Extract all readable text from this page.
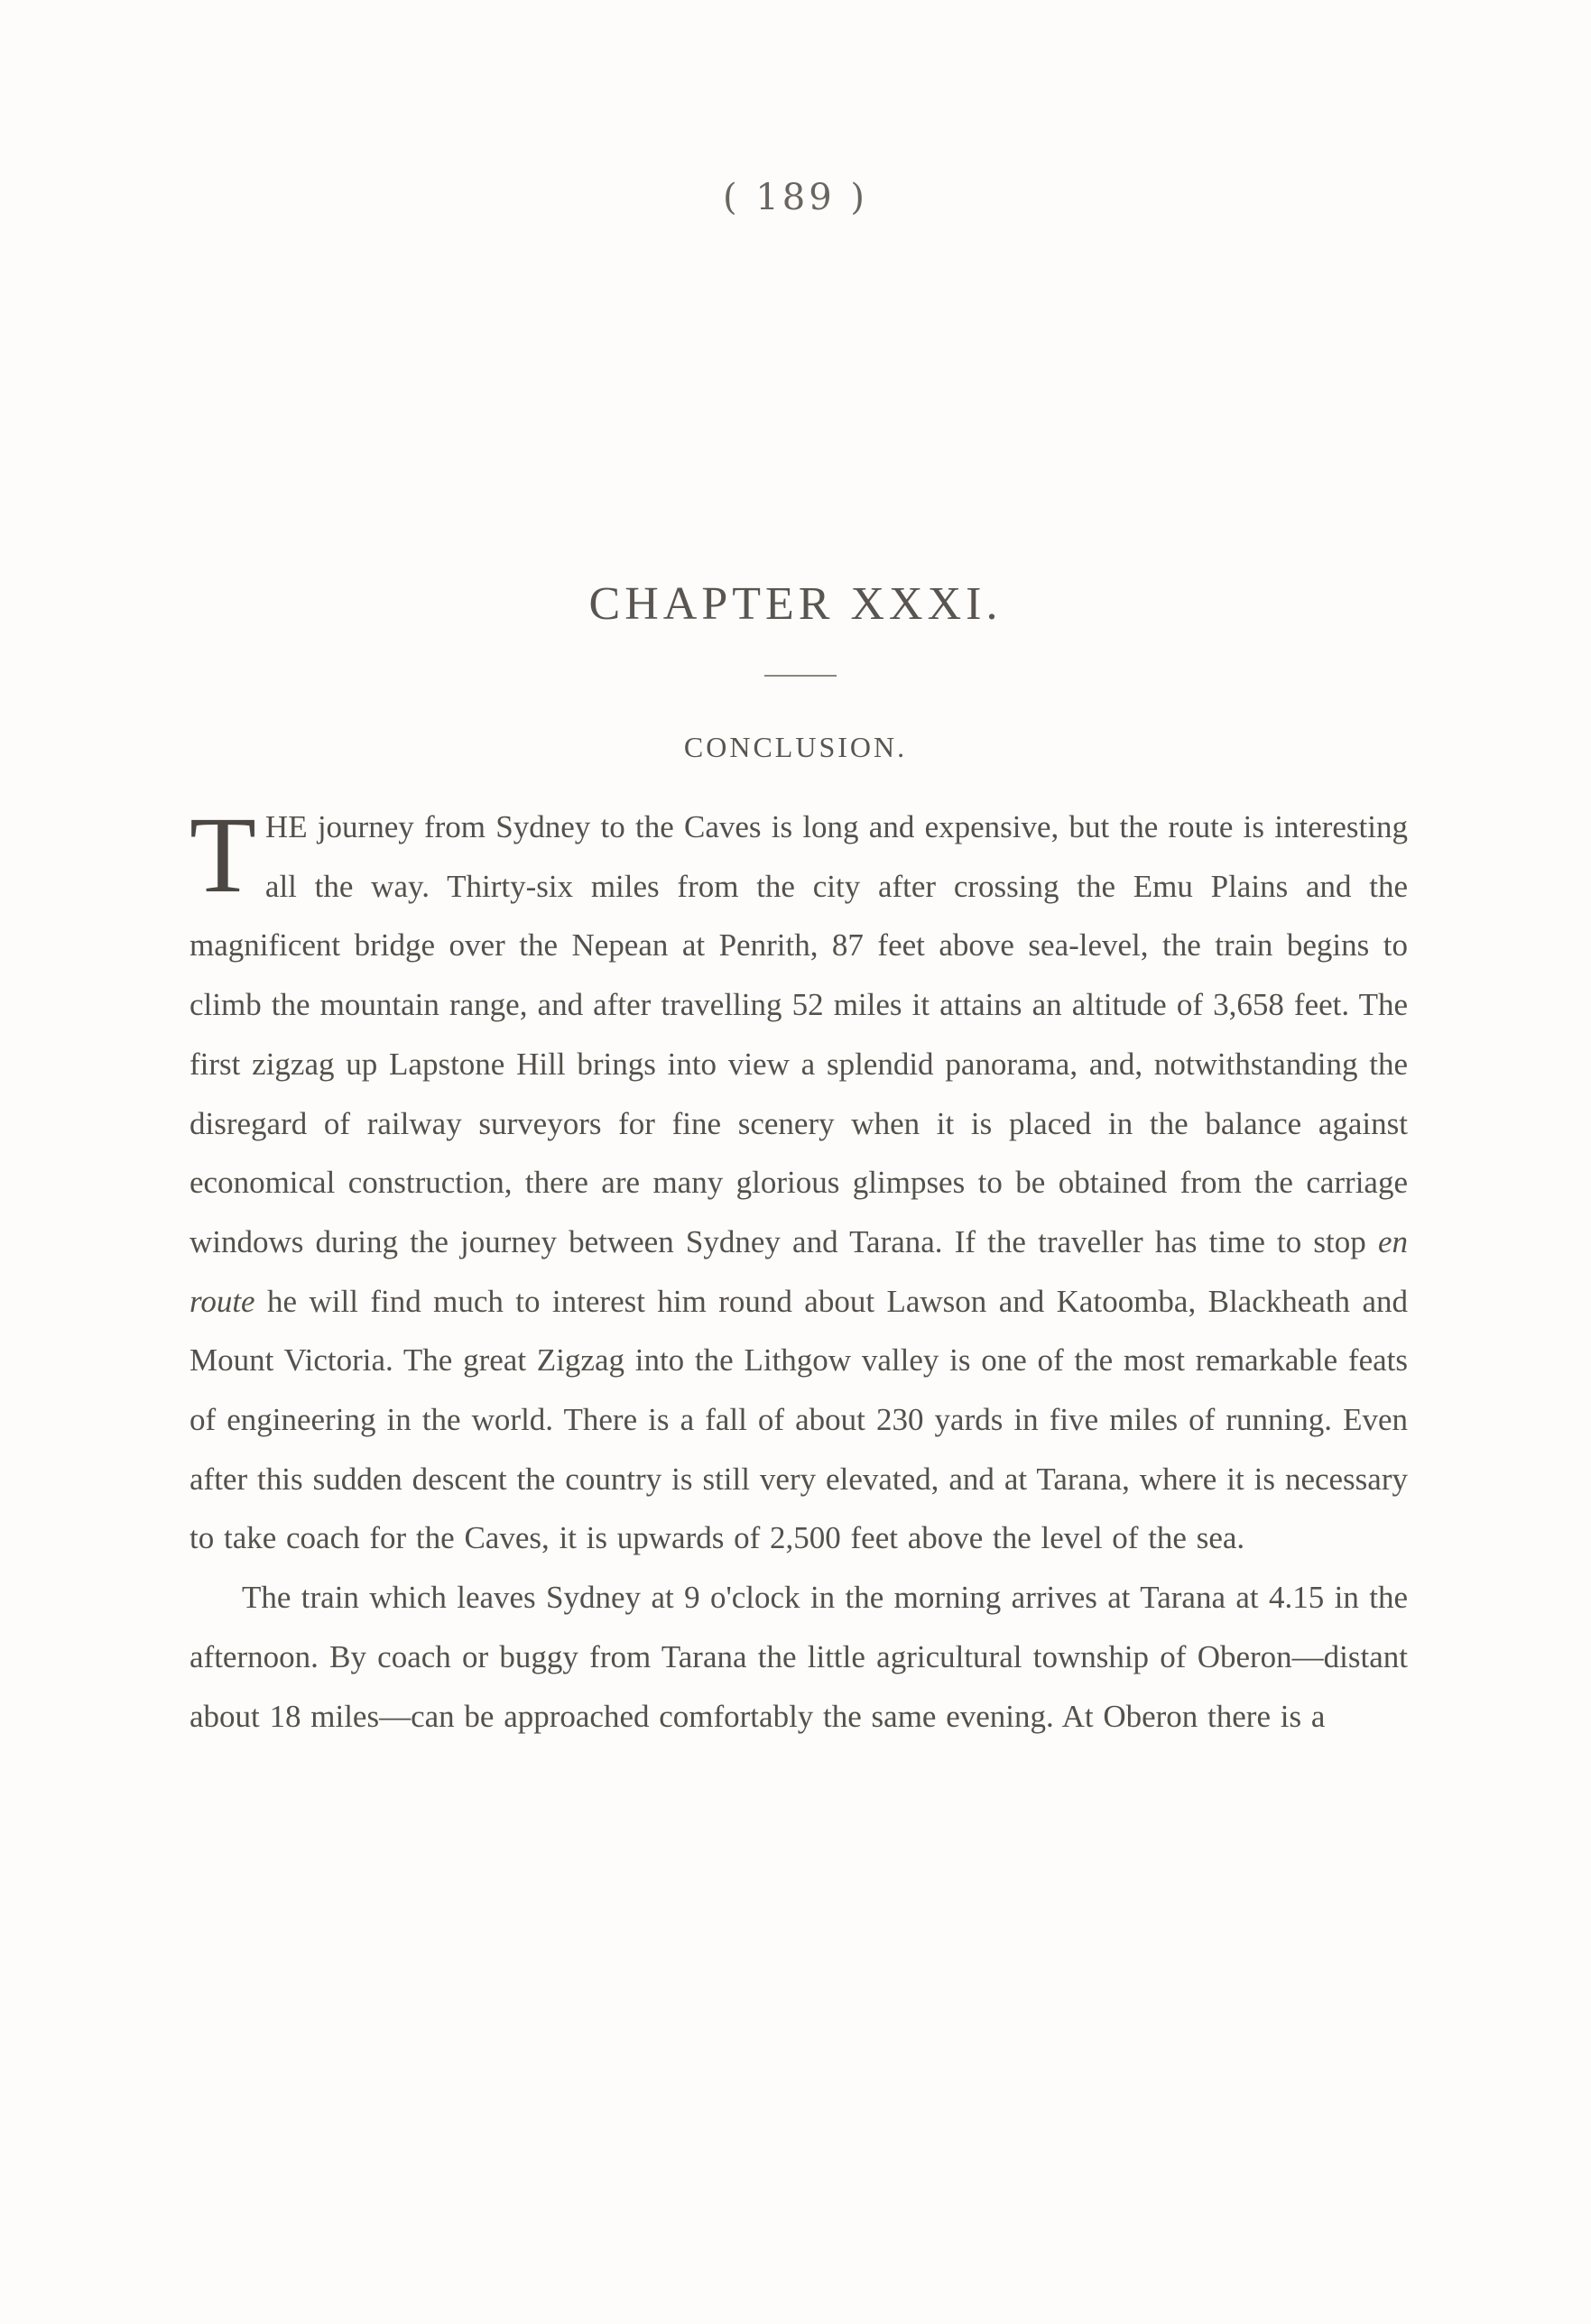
( 189 )
CHAPTER XXXI.
CONCLUSION.

THE journey from Sydney to the Caves is long and expensive, but the route is interesting all the way. Thirty-six miles from the city after crossing the Emu Plains and the magnificent bridge over the Nepean at Penrith, 87 feet above sea-level, the train begins to climb the mountain range, and after travelling 52 miles it attains an altitude of 3,658 feet. The first zigzag up Lapstone Hill brings into view a splendid panorama, and, notwithstanding the disregard of railway surveyors for fine scenery when it is placed in the balance against economical construction, there are many glorious glimpses to be obtained from the carriage windows during the journey between Sydney and Tarana. If the traveller has time to stop en route he will find much to interest him round about Lawson and Katoomba, Blackheath and Mount Victoria. The great Zigzag into the Lithgow valley is one of the most remarkable feats of engineering in the world. There is a fall of about 230 yards in five miles of running. Even after this sudden descent the country is still very elevated, and at Tarana, where it is necessary to take coach for the Caves, it is upwards of 2,500 feet above the level of the sea.

The train which leaves Sydney at 9 o'clock in the morning arrives at Tarana at 4.15 in the afternoon. By coach or buggy from Tarana the little agricultural township of Oberon—distant about 18 miles—can be approached comfortably the same evening. At Oberon there is a
